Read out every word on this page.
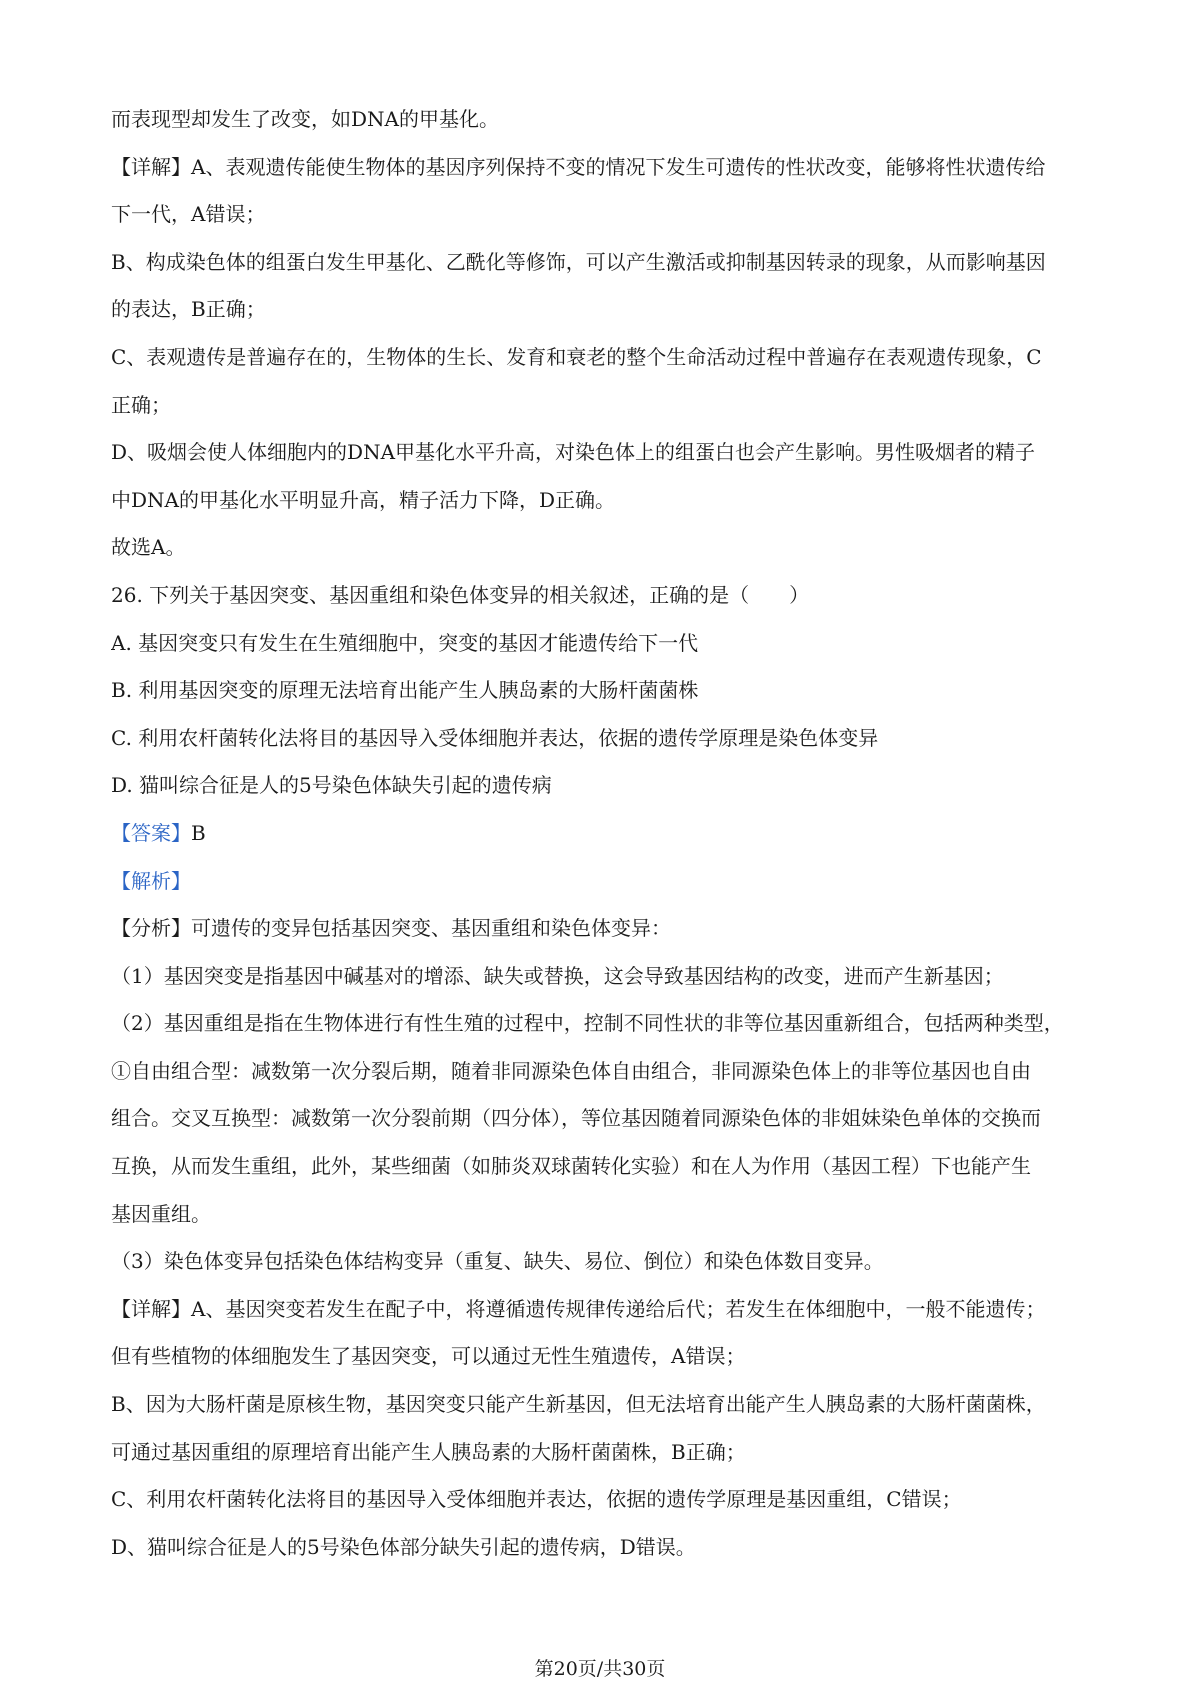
而表现型却发生了改变，如DNA的甲基化。
【详解】A、表观遗传能使生物体的基因序列保持不变的情况下发生可遗传的性状改变，能够将性状遗传给
下一代，A错误；
B、构成染色体的组蛋白发生甲基化、乙酰化等修饰，可以产生激活或抑制基因转录的现象，从而影响基因
的表达，B正确；
C、表观遗传是普遍存在的，生物体的生长、发育和衰老的整个生命活动过程中普遍存在表观遗传现象，C
正确；
D、吸烟会使人体细胞内的DNA甲基化水平升高，对染色体上的组蛋白也会产生影响。男性吸烟者的精子
中DNA的甲基化水平明显升高，精子活力下降，D正确。
故选A。
26. 下列关于基因突变、基因重组和染色体变异的相关叙述，正确的是（　　）
A. 基因突变只有发生在生殖细胞中，突变的基因才能遗传给下一代
B. 利用基因突变的原理无法培育出能产生人胰岛素的大肠杆菌菌株
C. 利用农杆菌转化法将目的基因导入受体细胞并表达，依据的遗传学原理是染色体变异
D. 猫叫综合征是人的5号染色体缺失引起的遗传病
【答案】B
【解析】
【分析】可遗传的变异包括基因突变、基因重组和染色体变异：
（1）基因突变是指基因中碱基对的增添、缺失或替换，这会导致基因结构的改变，进而产生新基因；
（2）基因重组是指在生物体进行有性生殖的过程中，控制不同性状的非等位基因重新组合，包括两种类型，
①自由组合型：减数第一次分裂后期，随着非同源染色体自由组合，非同源染色体上的非等位基因也自由
组合。交叉互换型：减数第一次分裂前期（四分体），等位基因随着同源染色体的非姐妹染色单体的交换而
互换，从而发生重组，此外，某些细菌（如肺炎双球菌转化实验）和在人为作用（基因工程）下也能产生
基因重组。
（3）染色体变异包括染色体结构变异（重复、缺失、易位、倒位）和染色体数目变异。
【详解】A、基因突变若发生在配子中，将遵循遗传规律传递给后代；若发生在体细胞中，一般不能遗传；
但有些植物的体细胞发生了基因突变，可以通过无性生殖遗传，A错误；
B、因为大肠杆菌是原核生物，基因突变只能产生新基因，但无法培育出能产生人胰岛素的大肠杆菌菌株，
可通过基因重组的原理培育出能产生人胰岛素的大肠杆菌菌株，B正确；
C、利用农杆菌转化法将目的基因导入受体细胞并表达，依据的遗传学原理是基因重组，C错误；
D、猫叫综合征是人的5号染色体部分缺失引起的遗传病，D错误。
第20页/共30页
